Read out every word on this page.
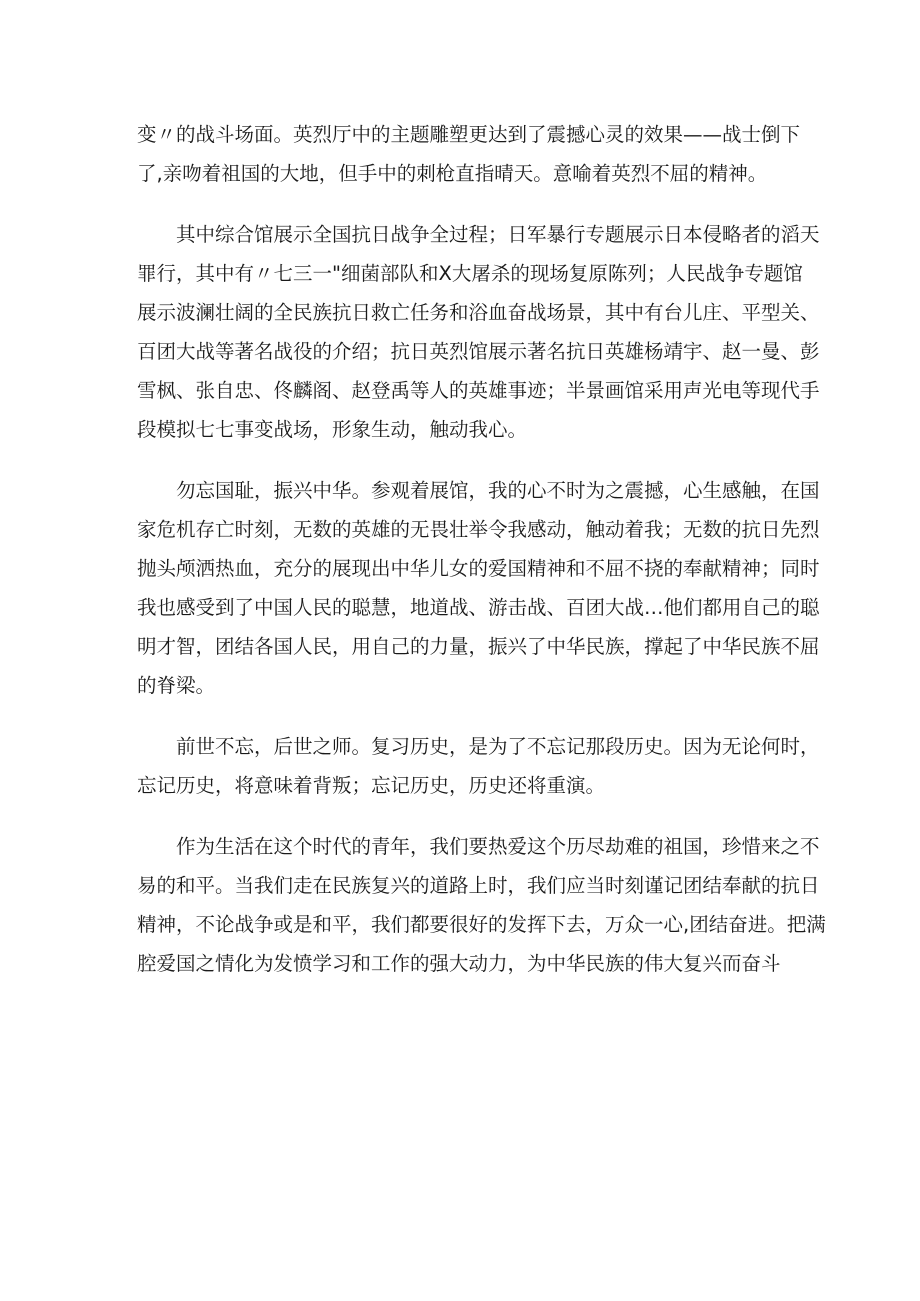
变〃的战斗场面。英烈厅中的主题雕塑更达到了震撼心灵的效果——战士倒下
了,亲吻着祖国的大地，但手中的刺枪直指晴天。意喻着英烈不屈的精神。
其中综合馆展示全国抗日战争全过程；日军暴行专题展示日本侵略者的滔天
罪行，其中有〃七三一"细菌部队和X大屠杀的现场复原陈列；人民战争专题馆
展示波澜壮阔的全民族抗日救亡任务和浴血奋战场景，其中有台儿庄、平型关、
百团大战等著名战役的介绍；抗日英烈馆展示著名抗日英雄杨靖宇、赵一曼、彭
雪枫、张自忠、佟麟阁、赵登禹等人的英雄事迹；半景画馆采用声光电等现代手
段模拟七七事变战场，形象生动，触动我心。
勿忘国耻，振兴中华。参观着展馆，我的心不时为之震撼，心生感触，在国
家危机存亡时刻，无数的英雄的无畏壮举令我感动，触动着我；无数的抗日先烈
抛头颅洒热血，充分的展现出中华儿女的爱国精神和不屈不挠的奉献精神；同时
我也感受到了中国人民的聪慧，地道战、游击战、百团大战…他们都用自己的聪
明才智，团结各国人民，用自己的力量，振兴了中华民族，撑起了中华民族不屈
的脊梁。
前世不忘，后世之师。复习历史，是为了不忘记那段历史。因为无论何时，
忘记历史，将意味着背叛；忘记历史，历史还将重演。
作为生活在这个时代的青年，我们要热爱这个历尽劫难的祖国，珍惜来之不
易的和平。当我们走在民族复兴的道路上时，我们应当时刻谨记团结奉献的抗日
精神，不论战争或是和平，我们都要很好的发挥下去，万众一心,团结奋进。把满
腔爱国之情化为发愤学习和工作的强大动力，为中华民族的伟大复兴而奋斗
